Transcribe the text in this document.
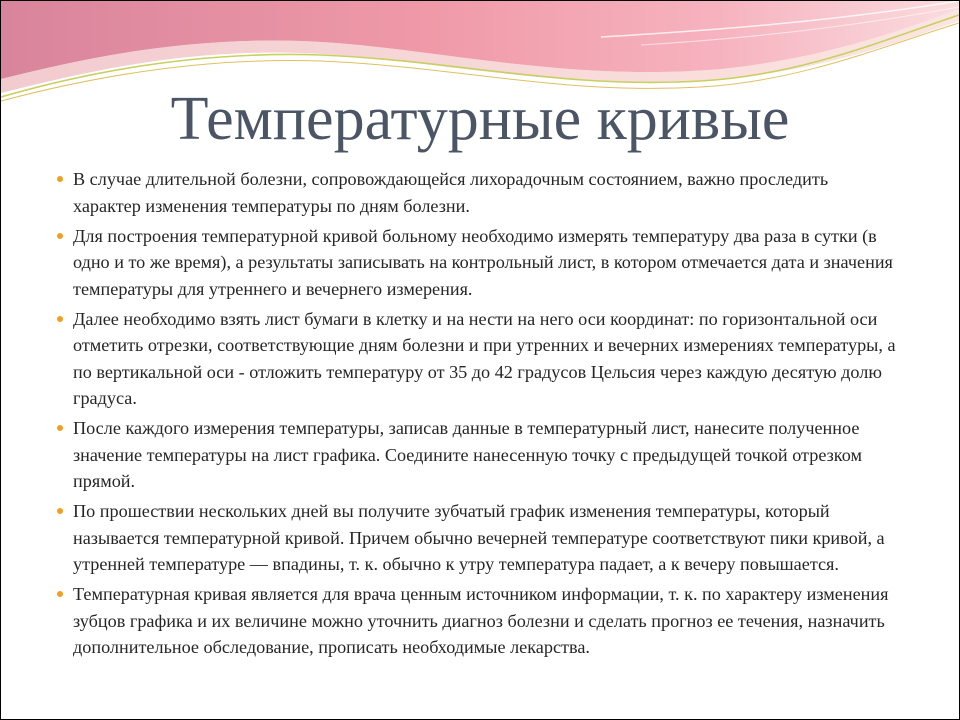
Температурные кривые
В случае длительной болезни, сопровождающейся лихорадочным состоянием, важно проследить характер изменения температуры по дням болезни.
Для построения температурной кривой больному необходимо измерять температуру два раза в сутки (в одно и то же время), а результаты записывать на контрольный лист, в котором отмечается дата и значения температуры для утреннего и вечернего измерения.
Далее необходимо взять лист бумаги в клетку и на нести на него оси координат: по горизонтальной оси отметить отрезки, соответствующие дням болезни и при утренних и вечерних измерениях температуры, а по вертикальной оси - отложить температуру от 35 до 42 градусов Цельсия через каждую десятую долю градуса.
После каждого измерения температуры, записав данные в температурный лист, нанесите полученное значение температуры на лист графика. Соедините нанесенную точку с предыдущей точкой отрезком прямой.
По прошествии нескольких дней вы получите зубчатый график изменения температуры, который называется температурной кривой. Причем обычно вечерней температуре соответствуют пики кривой, а утренней температуре — впадины, т. к. обычно к утру температура падает, а к вечеру повышается.
Температурная кривая является для врача ценным источником информации, т. к. по характеру изменения зубцов графика и их величине можно уточнить диагноз болезни и сделать прогноз ее течения, назначить дополнительное обследование, прописать необходимые лекарства.
